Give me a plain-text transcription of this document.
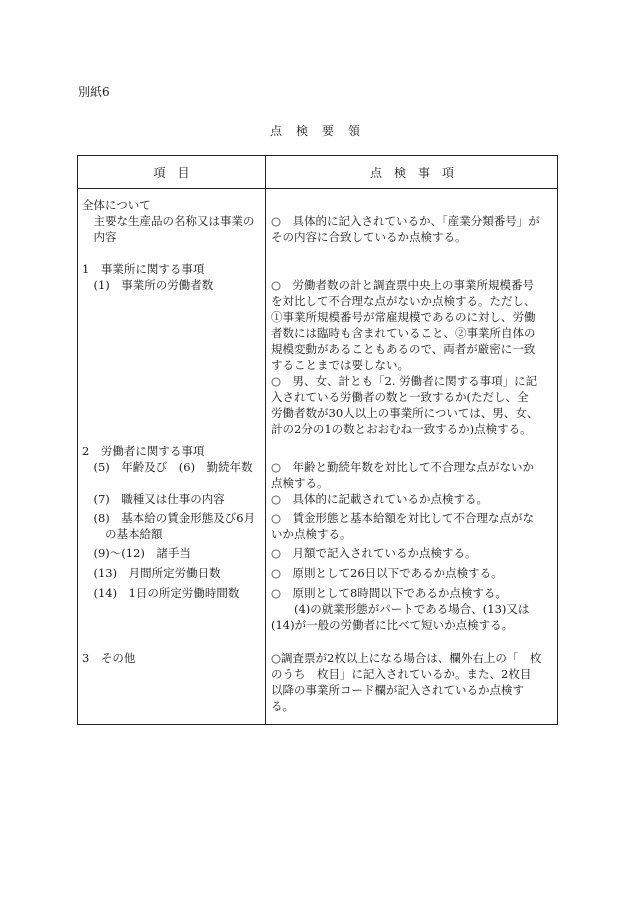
別紙6
点検要領
項目	点検事項
全体について
　主要な生産品の名称又は事業の
　内容
1　事業所に関する事項
　(1)　事業所の労働者数
2　労働者に関する事項
　(5)　年齢及び　(6)　勤続年数
　(7)　職種又は仕事の内容
　(8)　基本給の賃金形態及び6月
　　の基本給額
　(9)～(12)　諸手当
　(13)　月間所定労働日数
　(14)　1日の所定労働時間数
3　その他
○　具体的に記入されているか、「産業分類番号」が
その内容に合致しているか点検する。
○　労働者数の計と調査票中央上の事業所規模番号
を対比して不合理な点がないか点検する。ただし、
①事業所規模番号が常雇規模であるのに対し、労働
者数には臨時も含まれていること、②事業所自体の
規模変動があることもあるので、両者が厳密に一致
することまでは要しない。
○　男、女、計とも「2. 労働者に関する事項」に記
入されている労働者の数と一致するか(ただし、全
労働者数が30人以上の事業所については、男、女、
計の2分の1の数とおおむね一致するか)点検する。
○　年齢と勤続年数を対比して不合理な点がないか
点検する。
○　具体的に記載されているか点検する。
○　賃金形態と基本給額を対比して不合理な点がな
いか点検する。
○　月額で記入されているか点検する。
○　原則として26日以下であるか点検する。
○　原則として8時間以下であるか点検する。
　　(4)の就業形態がパートである場合、(13)又は
(14)が一般の労働者に比べて短いか点検する。
○調査票が2枚以上になる場合は、欄外右上の「　枚
のうち　枚目」に記入されているか。また、2枚目
以降の事業所コード欄が記入されているか点検す
る。
